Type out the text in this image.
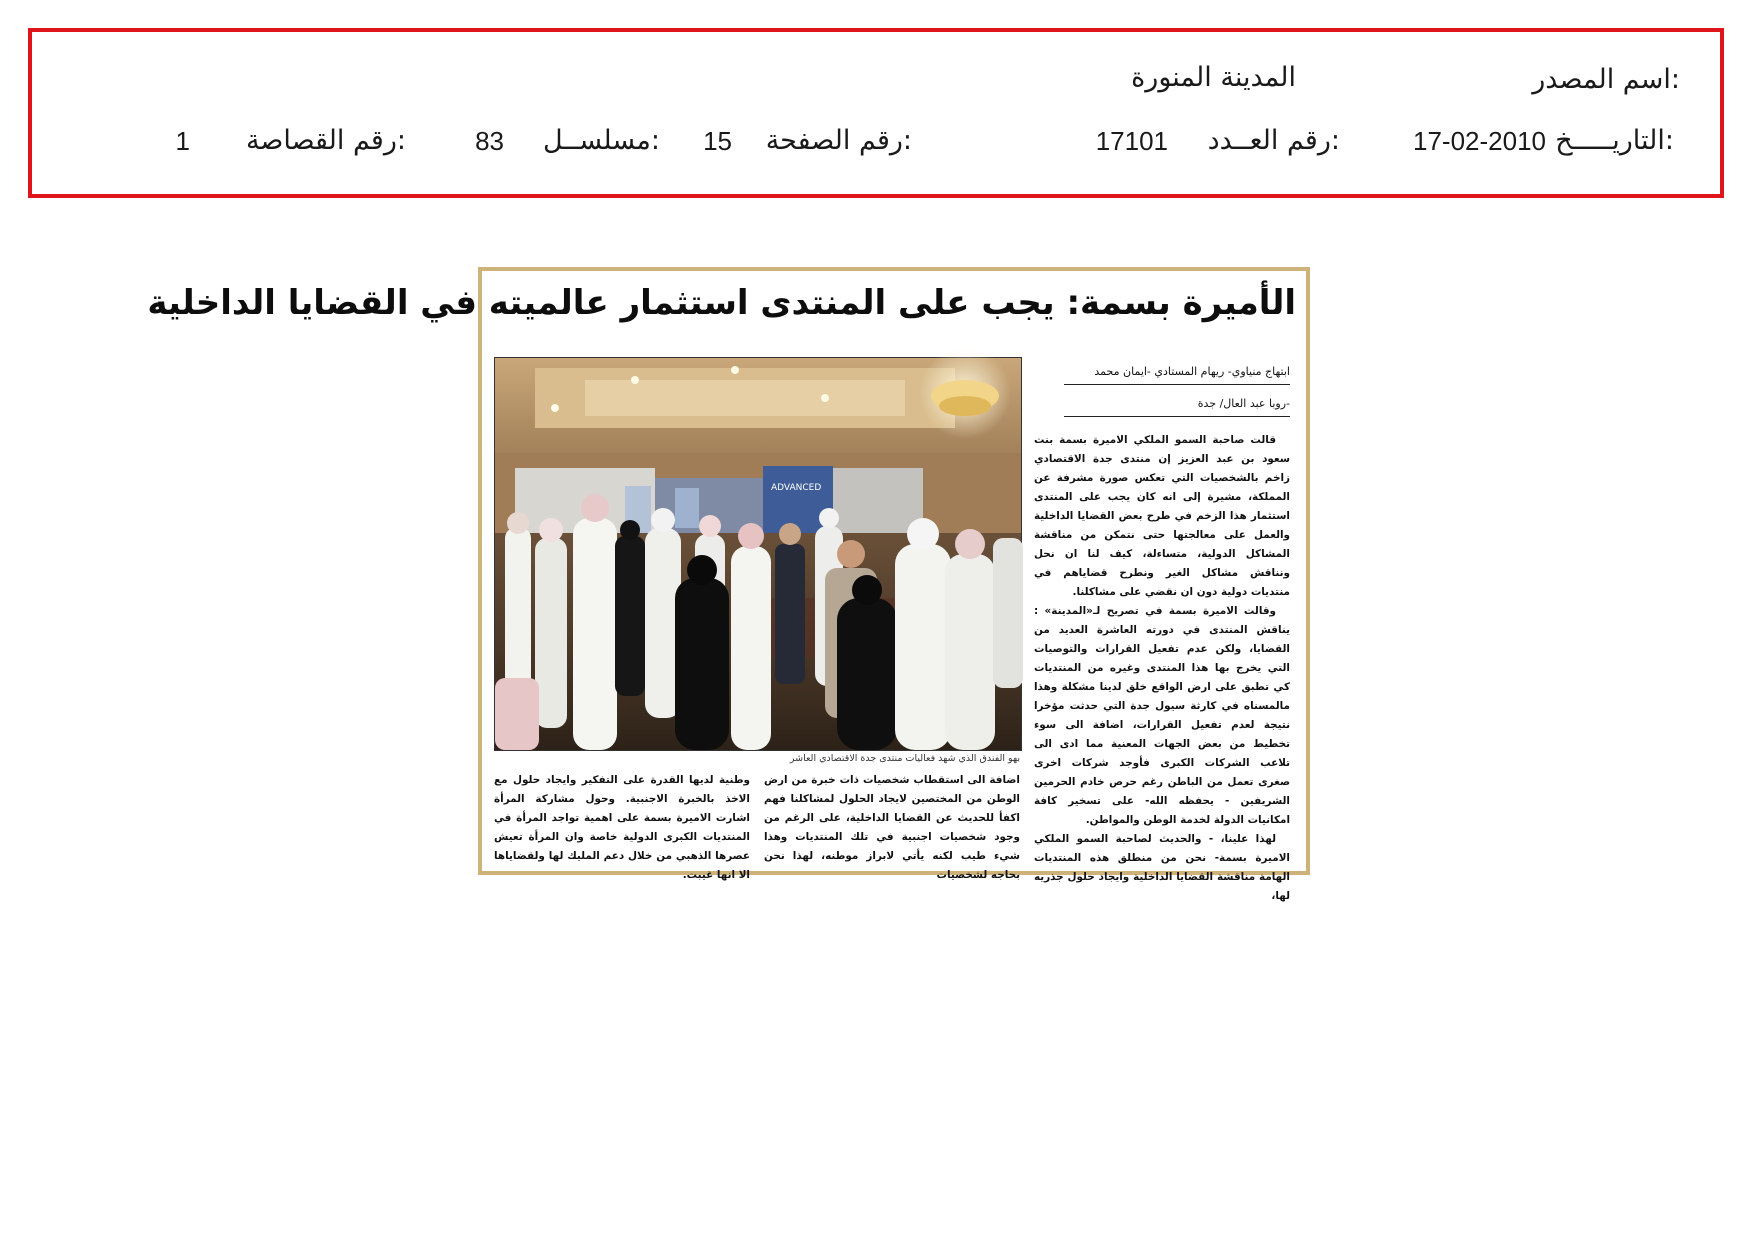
اسم المصدر:
المدينة المنورة
التاريـــــخ:
17-02-2010
رقم العــدد:
17101
رقم الصفحة:
15
مسلســل:
83
رقم القصاصة:
1
الأميرة بسمة: يجب على المنتدى استثمار عالميته في القضايا الداخلية
ابتهاج منياوي- ريهام المستادي -ايمان محمد
-روبا عبد العال/ جدة

قالت صاحبة السمو الملكي الاميرة بسمة بنت سعود بن عبد العزيز إن منتدى جدة الاقتصادي زاخم بالشخصيات التي تعكس صورة مشرفة عن المملكة، مشيرة إلى انه كان يجب على المنتدى استثمار هذا الزخم في طرح بعض القضايا الداخلية والعمل على معالجتها حتى نتمكن من مناقشة المشاكل الدولية، متساءلة، كيف لنا ان نحل ونناقش مشاكل الغير ونطرح قضاياهم في منتديات دولية دون ان نقضي على مشاكلنا.

وقالت الاميرة بسمة في تصريح لـ«المدينة» : يناقش المنتدى في دورته العاشرة العديد من القضايا، ولكن عدم تفعيل القرارات والتوصيات التي يخرج بها هذا المنتدى وغيره من المنتديات كي تطبق على ارض الواقع خلق لدينا مشكلة وهذا مالمسناه في كارثة سيول جدة التي حدثت مؤخرا نتيجة لعدم تفعيل القرارات، اضافة الى سوء تخطيط من بعض الجهات المعنية مما ادى الى تلاعب الشركات الكبرى فأوجد شركات اخرى صغرى تعمل من الباطن رغم حرص خادم الحرمين الشريفين - يحفظه الله- على تسخير كافة امكانيات الدولة لخدمة الوطن والمواطن.

لهذا علينا، - والحديث لصاحبة السمو الملكي الاميرة بسمة- نحن من منطلق هذه المنتديات الهامة مناقشة القضايا الداخلية وايجاد حلول جذريه لها،

ADVANCED
بهو الفندق الذي شهد فعاليات منتدى جدة الاقتصادي العاشر

اضافة الى استقطاب شخصيات ذات خبرة من ارض الوطن من المختصين لايجاد الحلول لمشاكلنا فهم اكفأ للحديث عن القضايا الداخلية، على الرغم من وجود شخصيات اجنبية في تلك المنتديات وهذا شيء طيب لكنه يأتي لابراز موطنه، لهذا نحن بحاجه لشخصيات

وطنية لديها القدرة على التفكير وايجاد حلول مع الاخذ بالخبرة الاجنبية. وحول مشاركة المرأة اشارت الاميرة بسمة على اهمية تواجد المرأة في المنتديات الكبرى الدولية خاصة وان المرأة تعيش عصرها الذهبي من خلال دعم المليك لها ولقضاياها الا انها غيبت.
